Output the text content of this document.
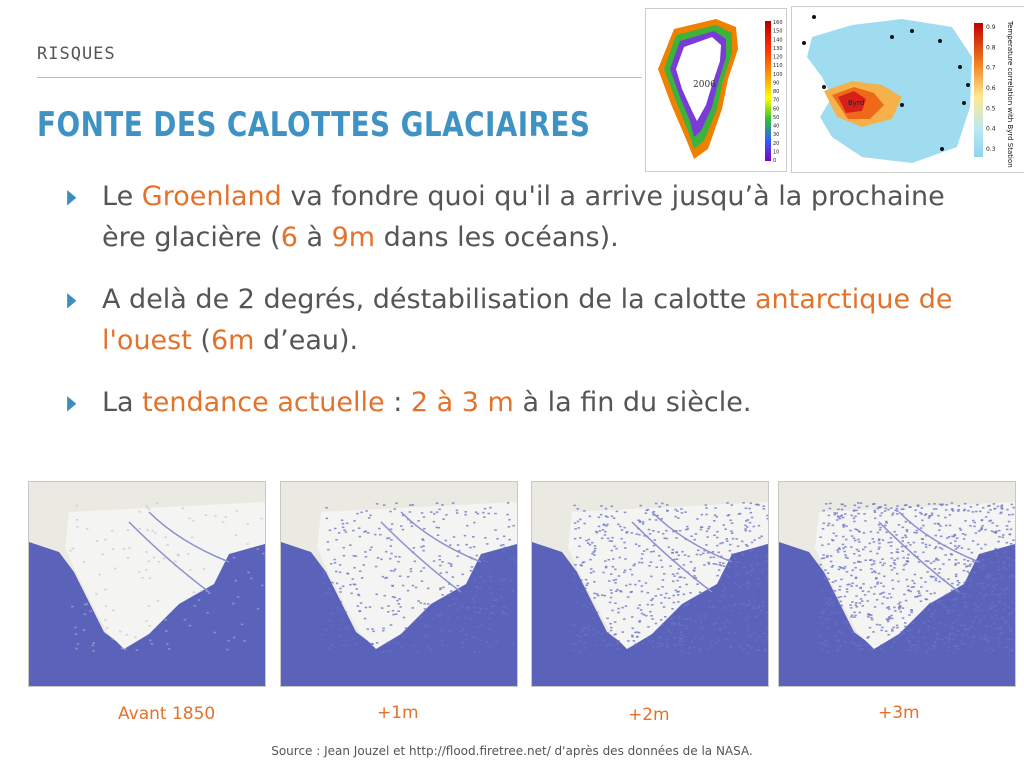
RISQUES
FONTE DES CALOTTES GLACIAIRES
2006
160
150
140
130
120
110
100
90
80
70
60
50
40
30
20
10
0
Byrd
0.9
0.8
0.7
0.6
0.5
0.4
0.3 Temperature correlation with Byrd Station
▶ Le Groenland va fondre quoi qu'il a arrive jusqu’à la prochaine ère glacière (6 à 9m dans les océans).
▶ A delà de 2 degrés, déstabilisation de la calotte antarctique de l'ouest (6m d’eau).
▶ La tendance actuelle : 2 à 3 m à la fin du siècle.
Avant 1850	+1m	+2m	+3m
Source : Jean Jouzel et http://flood.firetree.net/ d'après des données de la NASA.
